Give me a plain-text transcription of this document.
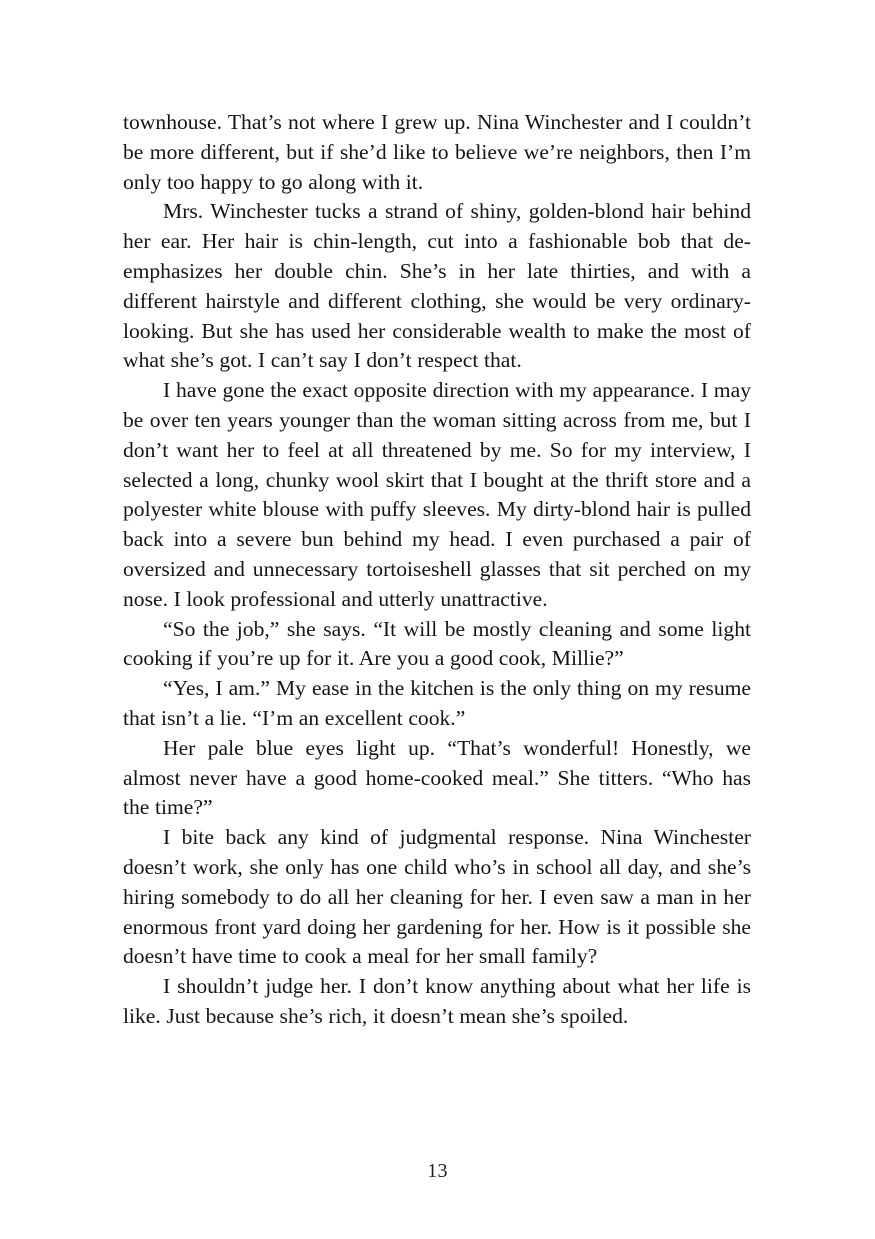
townhouse. That’s not where I grew up. Nina Winchester and I couldn’t be more different, but if she’d like to believe we’re neighbors, then I’m only too happy to go along with it.

Mrs. Winchester tucks a strand of shiny, golden-blond hair behind her ear. Her hair is chin-length, cut into a fashionable bob that de-emphasizes her double chin. She’s in her late thirties, and with a different hairstyle and different clothing, she would be very ordinary-looking. But she has used her considerable wealth to make the most of what she’s got. I can’t say I don’t respect that.

I have gone the exact opposite direction with my appearance. I may be over ten years younger than the woman sitting across from me, but I don’t want her to feel at all threatened by me. So for my interview, I selected a long, chunky wool skirt that I bought at the thrift store and a polyester white blouse with puffy sleeves. My dirty-blond hair is pulled back into a severe bun behind my head. I even purchased a pair of oversized and unnecessary tortoiseshell glasses that sit perched on my nose. I look professional and utterly unattractive.

“So the job,” she says. “It will be mostly cleaning and some light cooking if you’re up for it. Are you a good cook, Millie?”

“Yes, I am.” My ease in the kitchen is the only thing on my resume that isn’t a lie. “I’m an excellent cook.”

Her pale blue eyes light up. “That’s wonderful! Honestly, we almost never have a good home-cooked meal.” She titters. “Who has the time?”

I bite back any kind of judgmental response. Nina Winchester doesn’t work, she only has one child who’s in school all day, and she’s hiring somebody to do all her cleaning for her. I even saw a man in her enormous front yard doing her gardening for her. How is it possible she doesn’t have time to cook a meal for her small family?

I shouldn’t judge her. I don’t know anything about what her life is like. Just because she’s rich, it doesn’t mean she’s spoiled.

13
